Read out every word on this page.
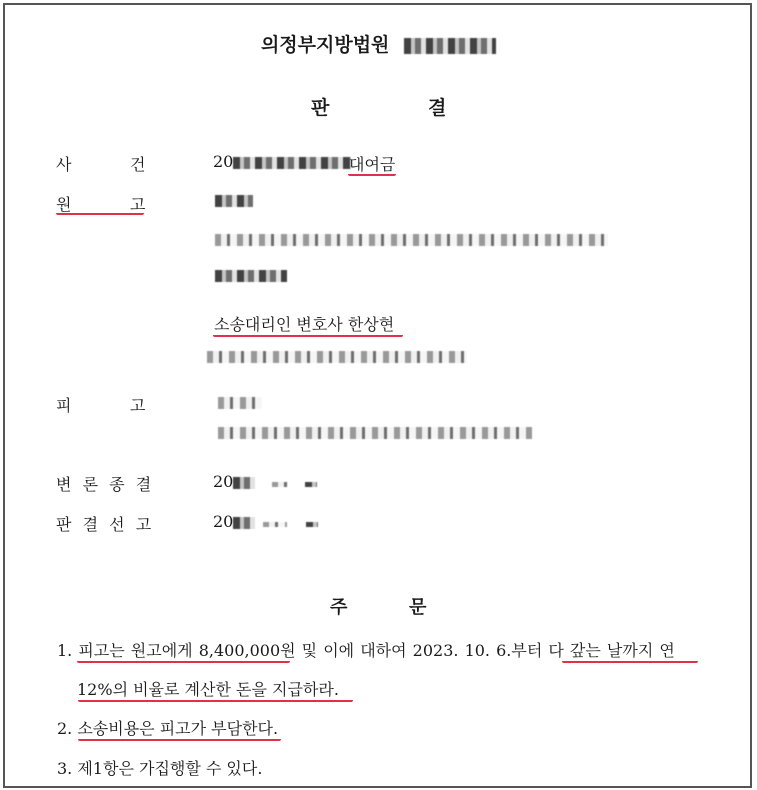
의정부지방법원
판	결
사	건	20	대여금
원	고
소송대리인 변호사 한상현
피	고
변 론 종 결	20
판 결 선 고	20
주	문
1. 피고는 원고에게 8,400,000원 및 이에 대하여 2023. 10. 6.부터 다 갚는 날까지 연
12%의 비율로 계산한 돈을 지급하라.
2. 소송비용은 피고가 부담한다.
3. 제1항은 가집행할 수 있다.
